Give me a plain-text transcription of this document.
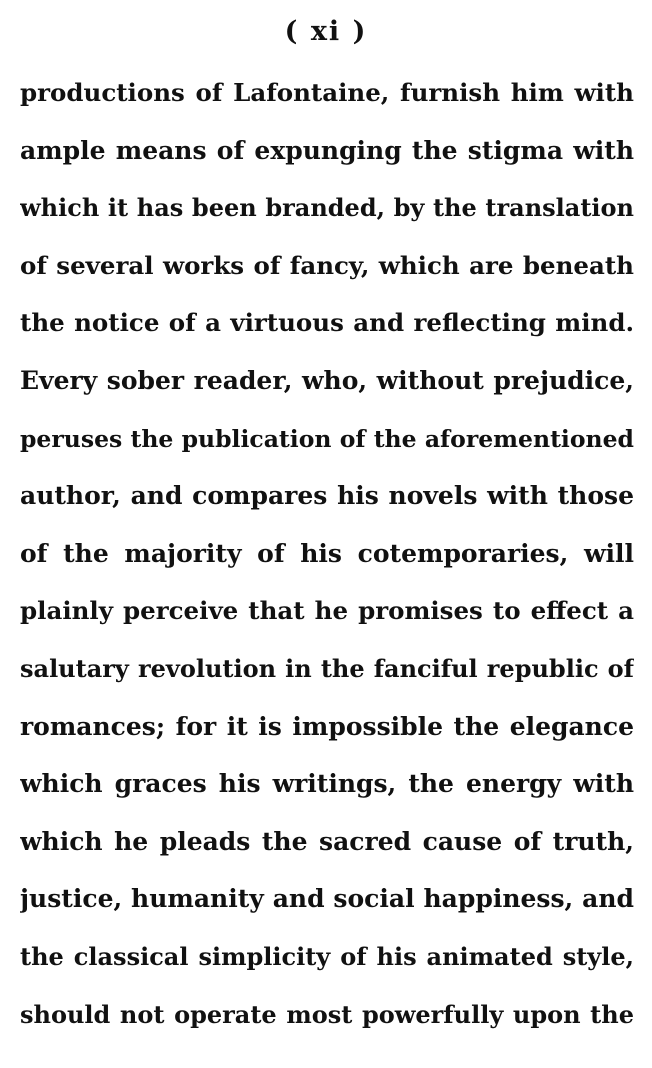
( xi )
productions of Lafontaine, furnish him with
ample means of expunging the stigma with
which it has been branded, by the translation
of several works of fancy, which are beneath
the notice of a virtuous and reflecting mind.
Every sober reader, who, without prejudice,
peruses the publication of the aforementioned
author, and compares his novels with those
of the majority of his cotemporaries, will
plainly perceive that he promises to effect a
salutary revolution in the fanciful republic of
romances; for it is impossible the elegance
which graces his writings, the energy with
which he pleads the sacred cause of truth,
justice, humanity and social happiness, and
the classical simplicity of his animated style,
should not operate most powerfully upon the
